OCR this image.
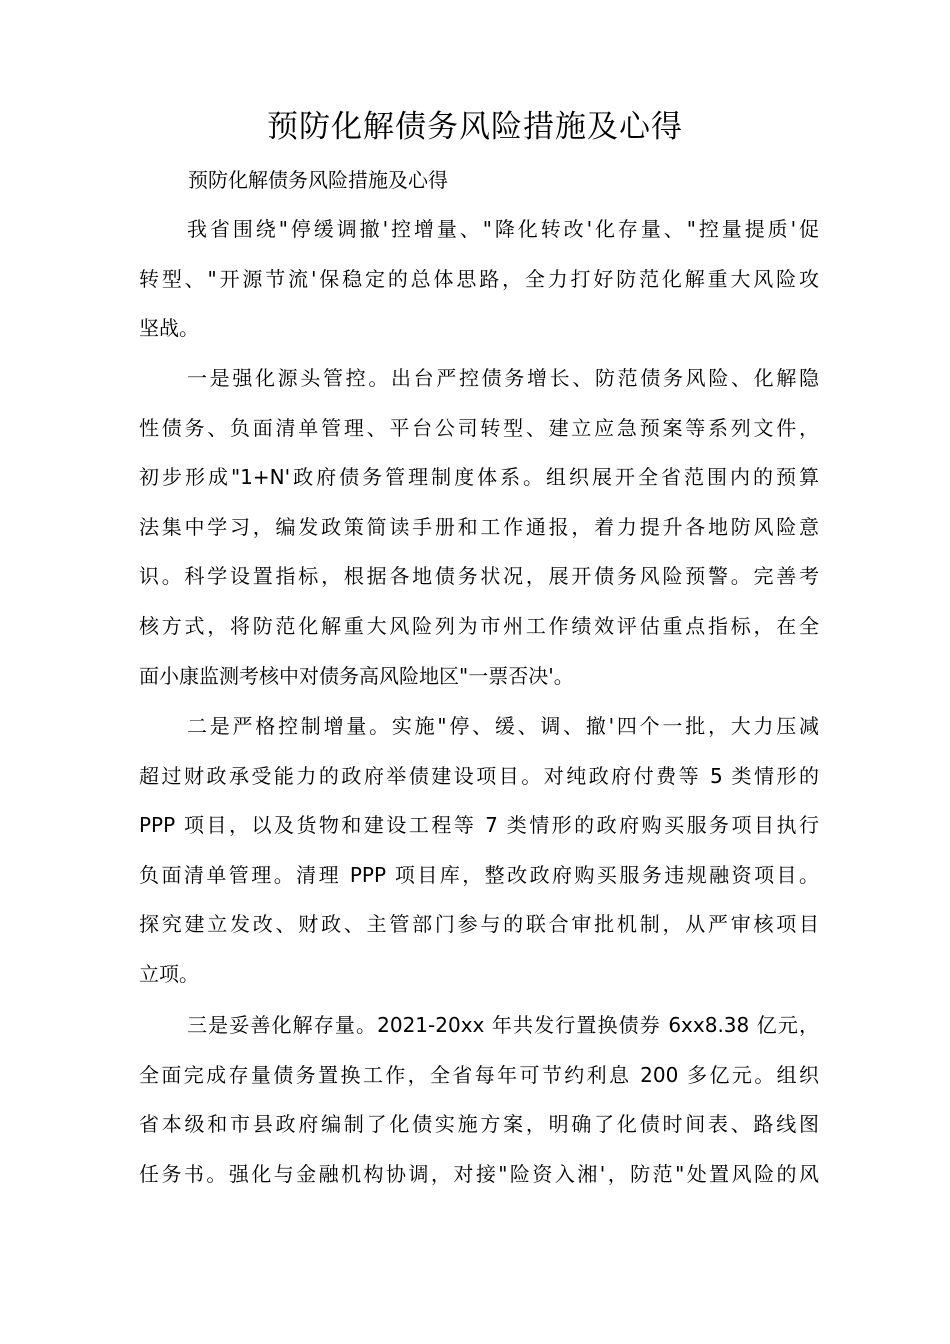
预防化解债务风险措施及心得
预防化解债务风险措施及心得
我省围绕"停缓调撤'控增量、"降化转改'化存量、"控量提质'促
转型、"开源节流'保稳定的总体思路，全力打好防范化解重大风险攻
坚战。
一是强化源头管控。出台严控债务增长、防范债务风险、化解隐
性债务、负面清单管理、平台公司转型、建立应急预案等系列文件，
初步形成"1+N'政府债务管理制度体系。组织展开全省范围内的预算
法集中学习，编发政策简读手册和工作通报，着力提升各地防风险意
识。科学设置指标，根据各地债务状况，展开债务风险预警。完善考
核方式，将防范化解重大风险列为市州工作绩效评估重点指标，在全
面小康监测考核中对债务高风险地区"一票否决'。
二是严格控制增量。实施"停、缓、调、撤'四个一批，大力压减
超过财政承受能力的政府举债建设项目。对纯政府付费等 5 类情形的
PPP 项目，以及货物和建设工程等 7 类情形的政府购买服务项目执行
负面清单管理。清理 PPP 项目库，整改政府购买服务违规融资项目。
探究建立发改、财政、主管部门参与的联合审批机制，从严审核项目
立项。
三是妥善化解存量。2021-20xx 年共发行置换债券 6xx8.38 亿元，
全面完成存量债务置换工作，全省每年可节约利息 200 多亿元。组织
省本级和市县政府编制了化债实施方案，明确了化债时间表、路线图
任务书。强化与金融机构协调，对接"险资入湘'，防范"处置风险的风
